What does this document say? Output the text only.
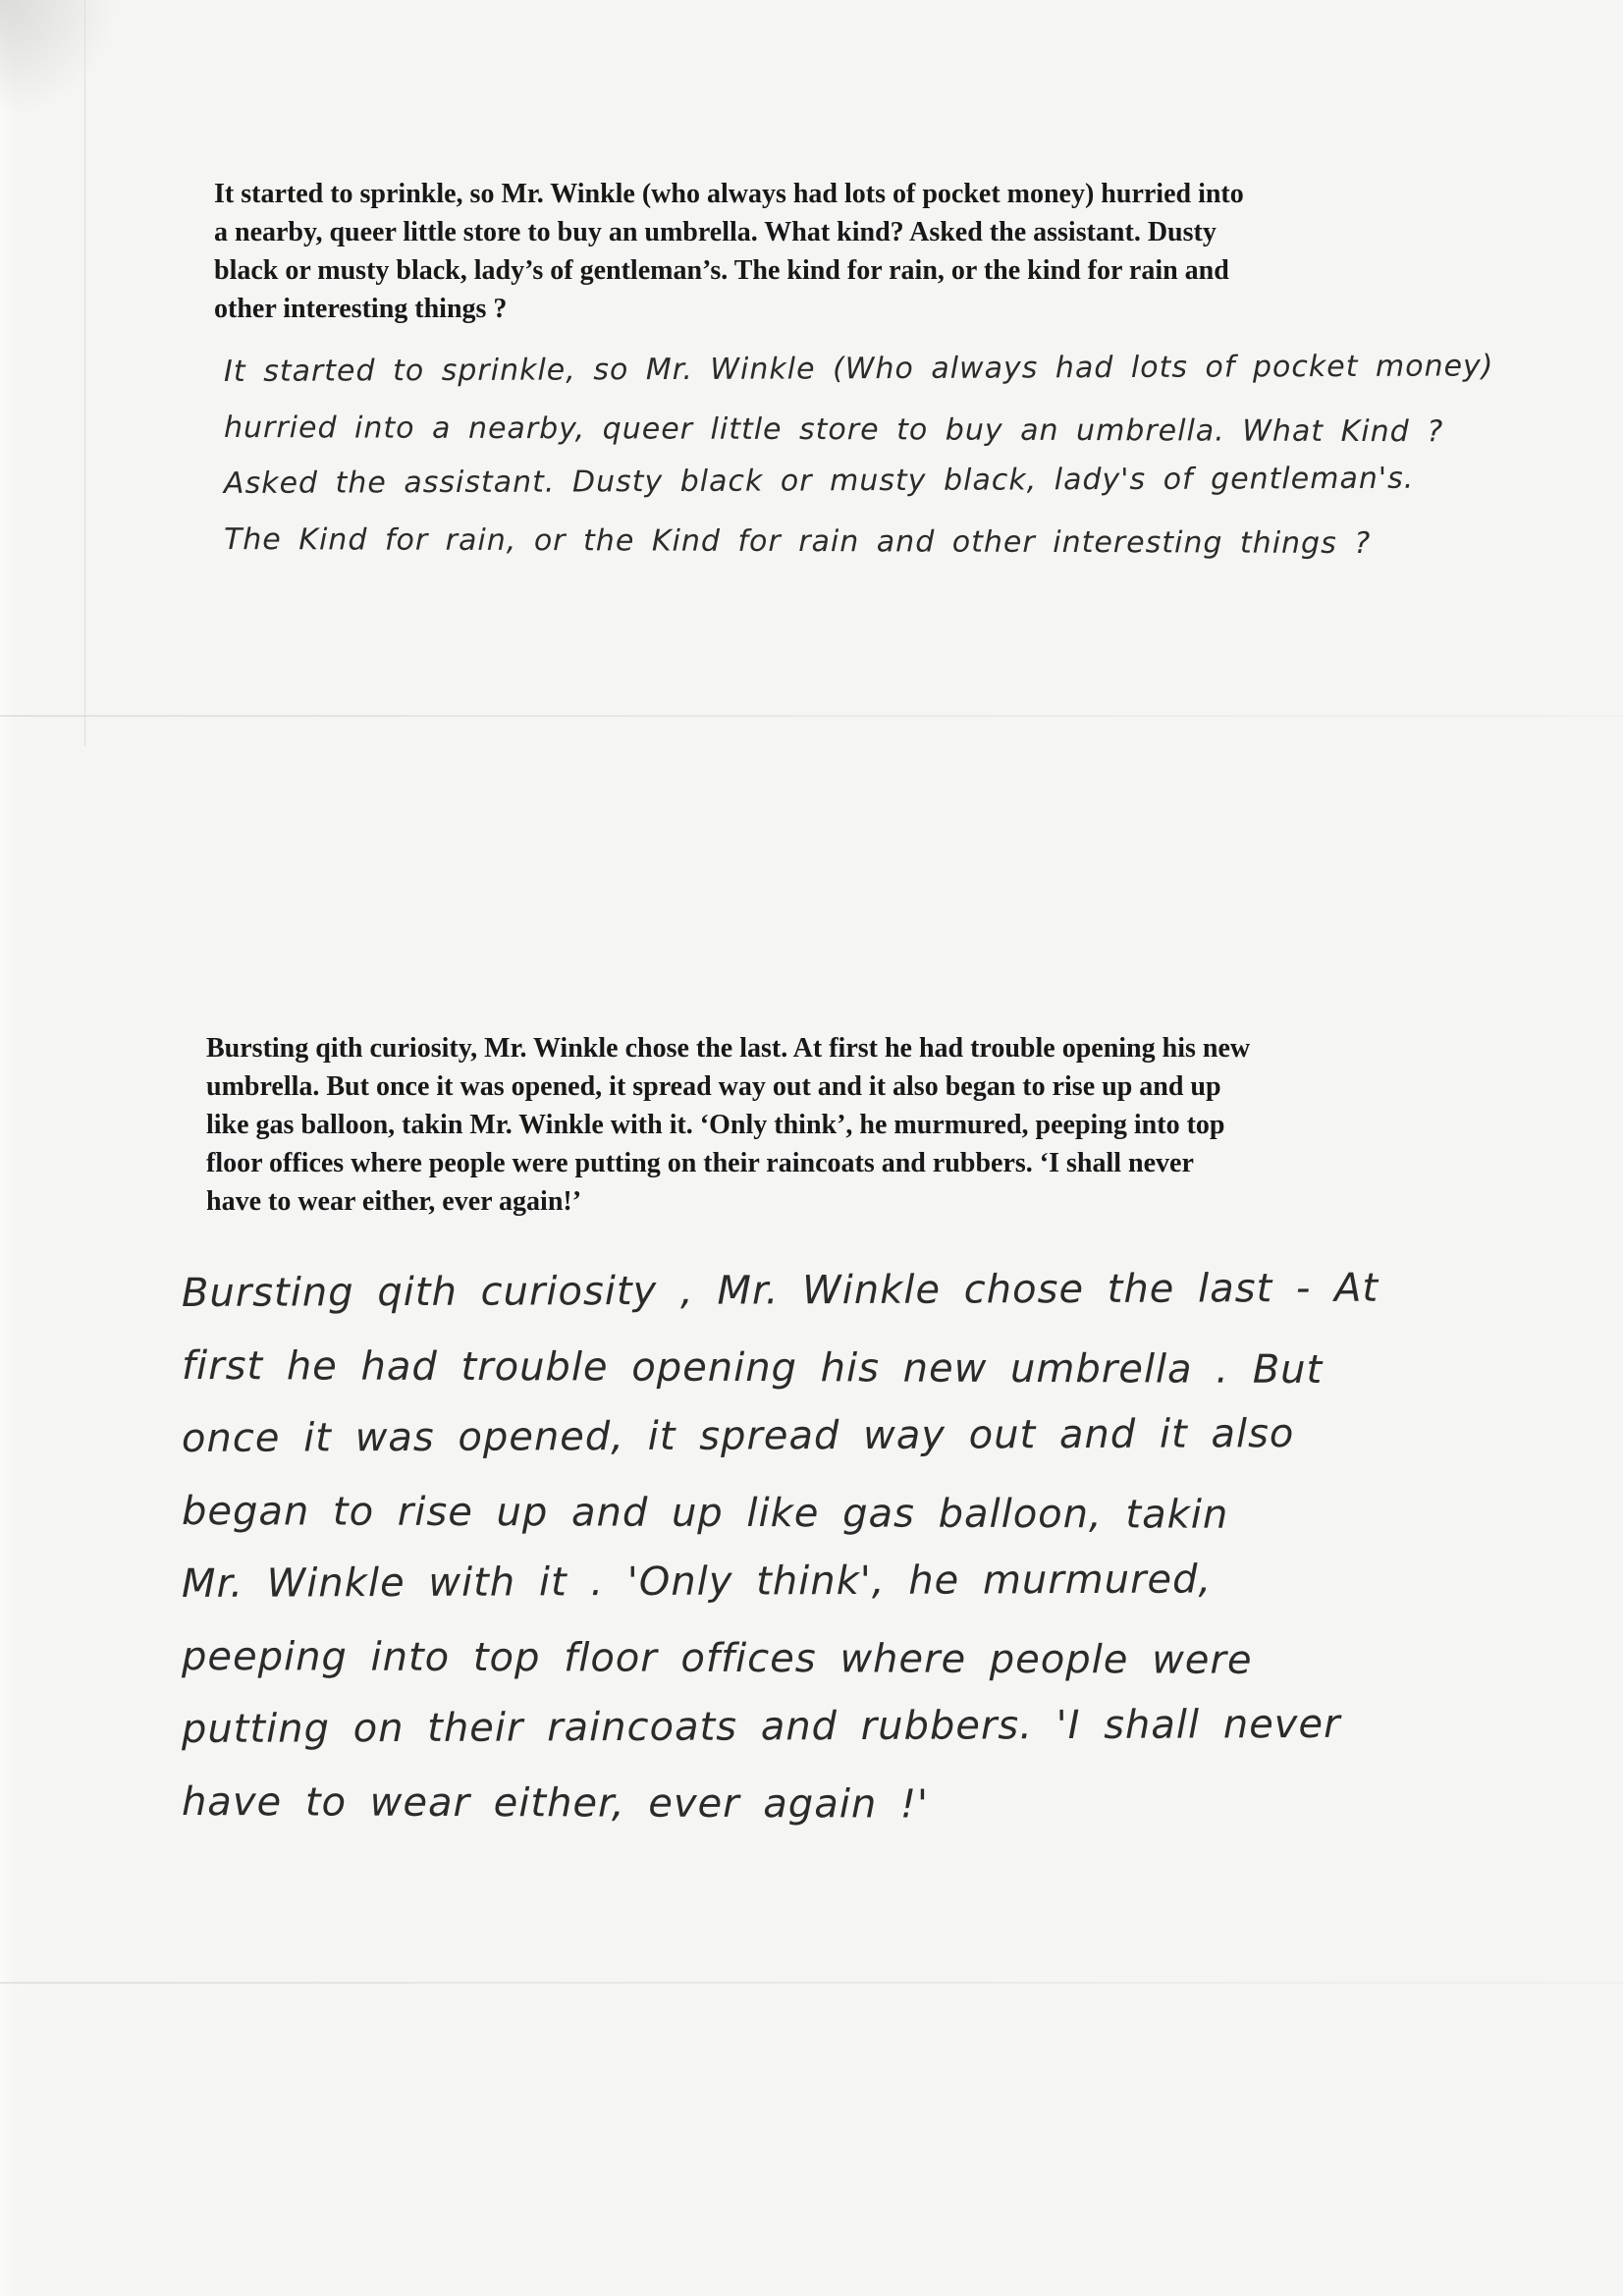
It started to sprinkle, so Mr. Winkle (who always had lots of pocket money) hurried into
a nearby, queer little store to buy an umbrella. What kind? Asked the assistant. Dusty
black or musty black, lady’s of gentleman’s. The kind for rain, or the kind for rain and
other interesting things ?
It started to sprinkle, so Mr. Winkle (Who always had lots of pocket money)
hurried into a nearby, queer little store to buy an umbrella. What Kind ?
Asked the assistant. Dusty black or musty black, lady's of gentleman's.
The Kind for rain, or the Kind for rain and other interesting things ?
Bursting qith curiosity, Mr. Winkle chose the last. At first he had trouble opening his new
umbrella. But once it was opened, it spread way out and it also began to rise up and up
like gas balloon, takin Mr. Winkle with it. ‘Only think’, he murmured, peeping into top
floor offices where people were putting on their raincoats and rubbers. ‘I shall never
have to wear either, ever again!’
Bursting qith curiosity , Mr. Winkle chose the last - At
first he had trouble opening his new umbrella . But
once it was opened, it spread way out and it also
began to rise up and up like gas balloon, takin
Mr. Winkle with it . 'Only think', he murmured,
peeping into top floor offices where people were
putting on their raincoats and rubbers. 'I shall never
have to wear either, ever again !'
